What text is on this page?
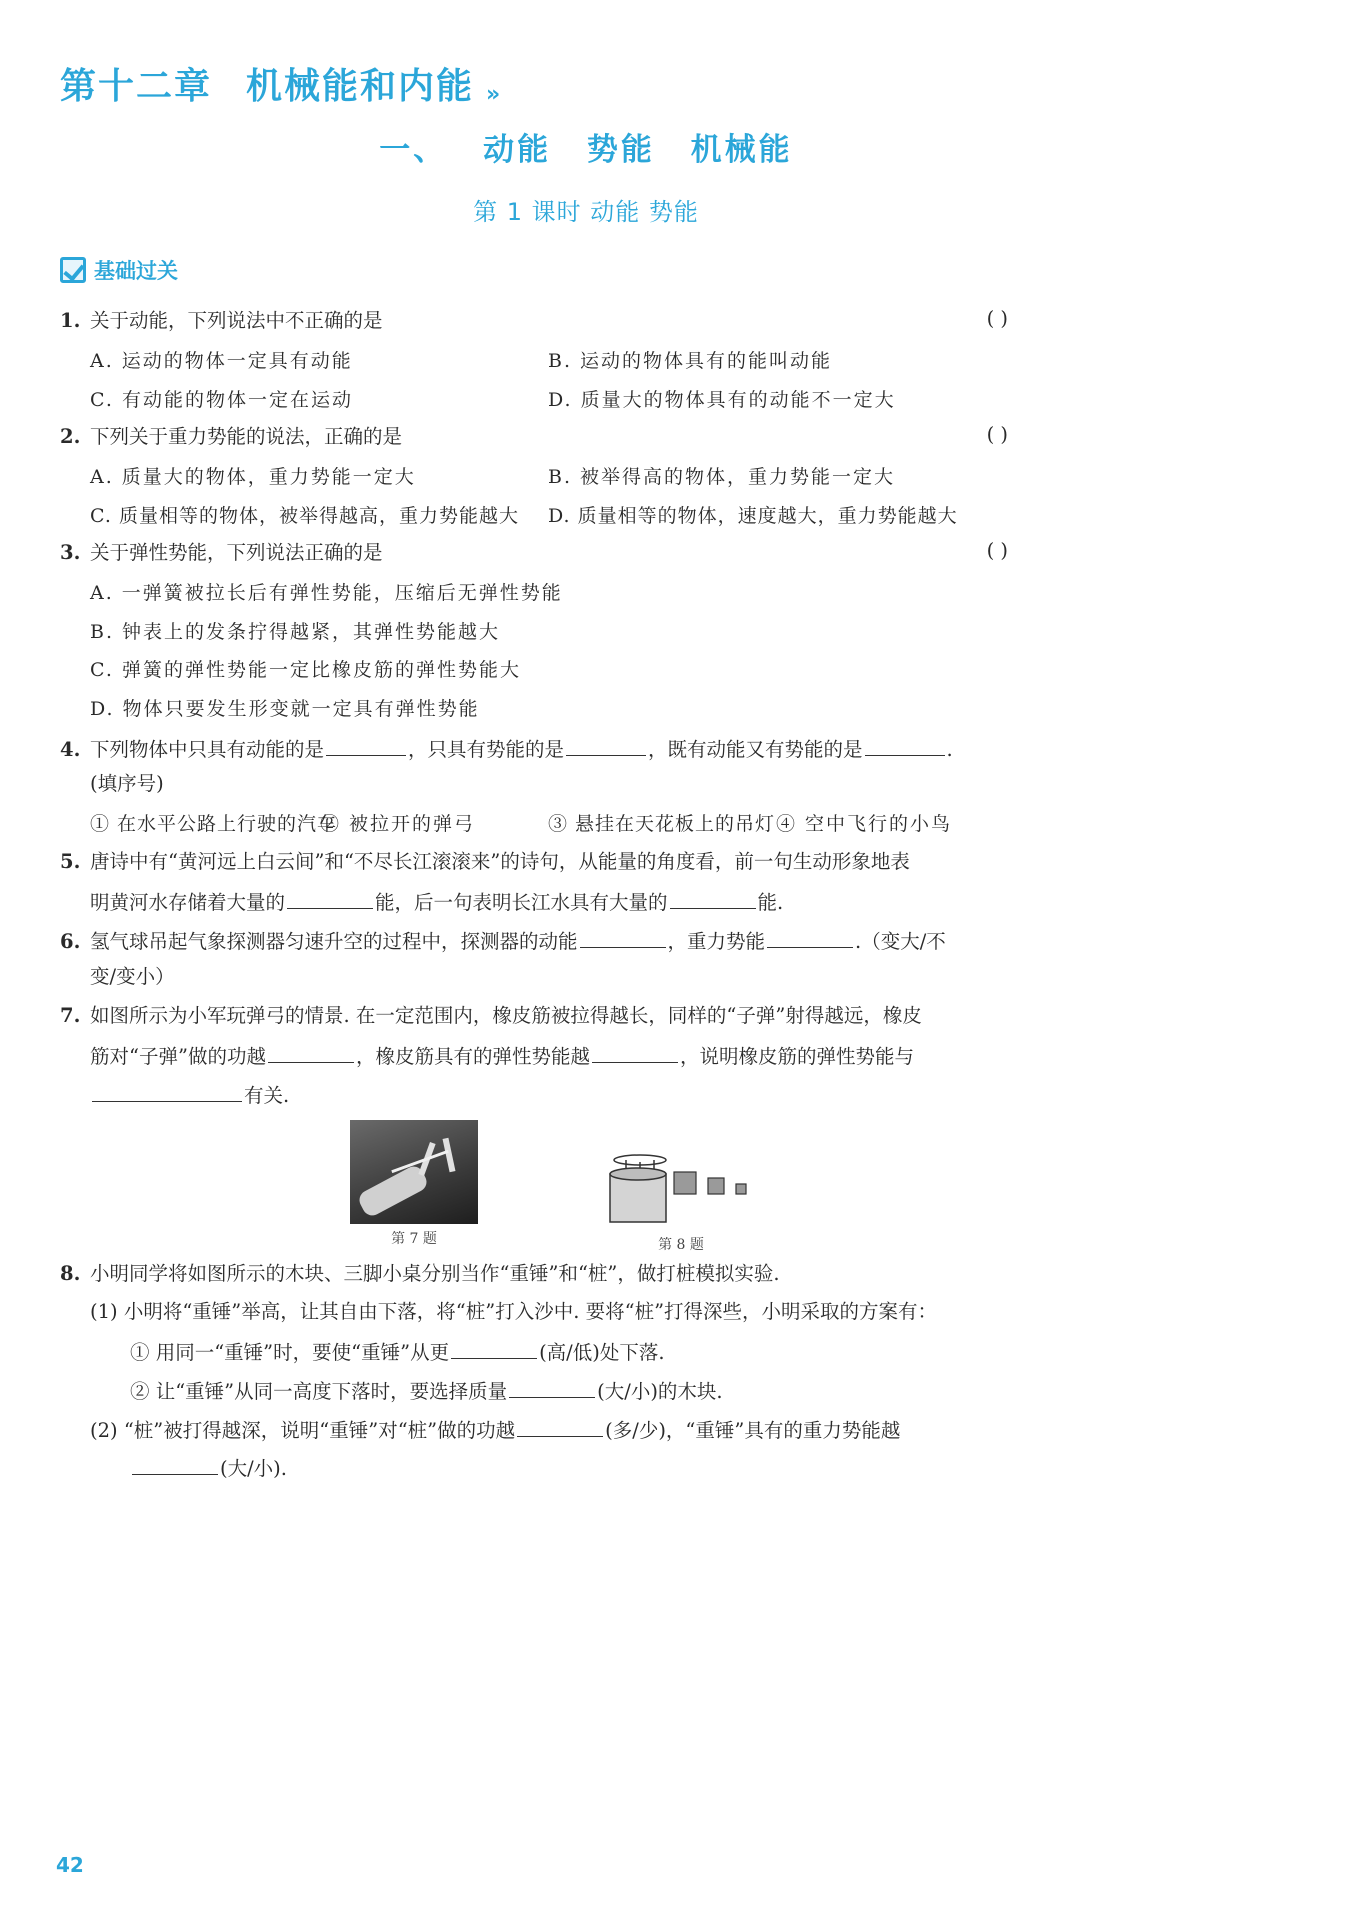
第十二章 机械能和内能 »
一、 动能 势能 机械能
第 1 课时 动能 势能
基础过关
1. 关于动能，下列说法中不正确的是	( )
A. 运动的物体一定具有动能	B. 运动的物体具有的能叫动能
C. 有动能的物体一定在运动	D. 质量大的物体具有的动能不一定大
2. 下列关于重力势能的说法，正确的是	( )
A. 质量大的物体，重力势能一定大	B. 被举得高的物体，重力势能一定大
C. 质量相等的物体，被举得越高，重力势能越大 D. 质量相等的物体，速度越大，重力势能越大
3. 关于弹性势能，下列说法正确的是	( )
A. 一弹簧被拉长后有弹性势能，压缩后无弹性势能
B. 钟表上的发条拧得越紧，其弹性势能越大
C. 弹簧的弹性势能一定比橡皮筋的弹性势能大
D. 物体只要发生形变就一定具有弹性势能
4. 下列物体中只具有动能的是	，只具有势能的是	，既有动能又有势能的是	.
(填序号)
① 在水平公路上行驶的汽车
② 被拉开的弹弓	③ 悬挂在天花板上的吊灯 ④ 空中飞行的小鸟
5. 唐诗中有“黄河远上白云间”和“不尽长江滚滚来”的诗句，从能量的角度看，前一句生动形象地表
明黄河水存储着大量的	能，后一句表明长江水具有大量的	能.
6. 氢气球吊起气象探测器匀速升空的过程中，探测器的动能	，重力势能	.（变大/不
变/变小）
7. 如图所示为小军玩弹弓的情景. 在一定范围内，橡皮筋被拉得越长，同样的“子弹”射得越远，橡皮
筋对“子弹”做的功越	，橡皮筋具有的弹性势能越	，说明橡皮筋的弹性势能与
有关.
第 7 题	第 8 题
8. 小明同学将如图所示的木块、三脚小桌分别当作“重锤”和“桩”，做打桩模拟实验.
(1) 小明将“重锤”举高，让其自由下落，将“桩”打入沙中. 要将“桩”打得深些，小明采取的方案有：
① 用同一“重锤”时，要使“重锤”从更	(高/低)处下落.
② 让“重锤”从同一高度下落时，要选择质量	(大/小)的木块.
(2) “桩”被打得越深，说明“重锤”对“桩”做的功越	(多/少)，“重锤”具有的重力势能越
(大/小).
42
